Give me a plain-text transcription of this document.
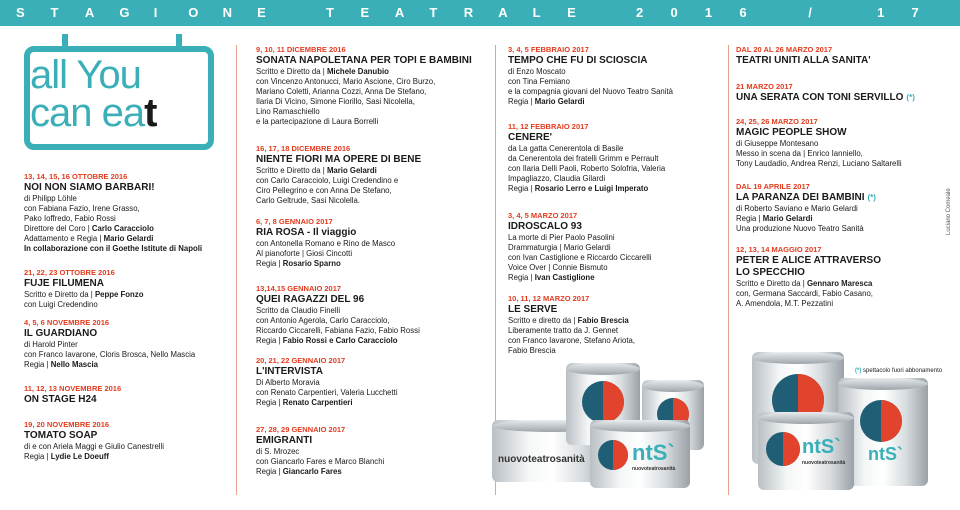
S	T	A	G	I	O	N	E	T	E	A	T	R	A	L	E	2	0	1	6	/	1	7
all You
can eat
13, 14, 15, 16 OTTOBRE 2016
NOI NON SIAMO BARBARI!
di Philipp Löhle
con Fabiana Fazio, Irene Grasso,
Pako Ioffredo, Fabio Rossi
Direttore del Coro | Carlo Caracciolo
Adattamento e Regia | Mario Gelardi
In collaborazione con il Goethe Istitute di Napoli
21, 22, 23 OTTOBRE 2016
FUJE FILUMENA
Scritto e Diretto da | Peppe Fonzo
con Luigi Credendino
4, 5, 6 NOVEMBRE 2016
IL GUARDIANO
di Harold Pinter
con Franco Iavarone, Cloris Brosca, Nello Mascia
Regia | Nello Mascia
11, 12, 13 NOVEMBRE 2016
ON STAGE H24
19, 20 NOVEMBRE 2016
TOMATO SOAP
di e con Ariela Maggi e Giulio Canestrelli
Regia | Lydie Le Doeuff
9, 10, 11 DICEMBRE 2016
SONATA NAPOLETANA PER TOPI E BAMBINI
Scritto e Diretto da | Michele Danubio
con Vincenzo Antonucci, Mario Ascione, Ciro Burzo,
Mariano Coletti, Arianna Cozzi, Anna De Stefano,
Ilaria Di Vicino, Simone Fiorillo, Sasi Nicolella,
Lino Ramaschiello
e la partecipazione di Laura Borrelli
16, 17, 18 DICEMBRE 2016
NIENTE FIORI MA OPERE DI BENE
Scritto e Diretto da | Mario Gelardi
con Carlo Caracciolo, Luigi Credendino e
Ciro Pellegrino e con Anna De Stefano,
Carlo Geltrude, Sasi Nicolella.
6, 7, 8 GENNAIO 2017
RIA ROSA - Il viaggio
con Antonella Romano e Rino de Masco
Al pianoforte | Giosi Cincotti
Regia | Rosario Sparno
13,14,15 GENNAIO 2017
QUEI RAGAZZI DEL 96
Scritto da Claudio Finelli
con Antonio Agerola, Carlo Caracciolo,
Riccardo Ciccarelli, Fabiana Fazio, Fabio Rossi
Regia | Fabio Rossi e Carlo Caracciolo
20, 21, 22 GENNAIO 2017
L'INTERVISTA
Di Alberto Moravia
con Renato Carpentieri, Valeria Lucchetti
Regia | Renato Carpentieri
27, 28, 29 GENNAIO 2017
EMIGRANTI
di S. Mrozec
con Giancarlo Fares e Marco Blanchi
Regia | Giancarlo Fares
3, 4, 5 FEBBRAIO 2017
TEMPO CHE FU DI SCIOSCIA
di Enzo Moscato
con Tina Femiano
e la compagnia giovani del Nuovo Teatro Sanità
Regia | Mario Gelardi
11, 12 FEBBRAIO 2017
CENERE'
da La gatta Cenerentola di Basile
da Cenerentola dei fratelli Grimm e Perrault
con Ilaria Delli Paoli, Roberto Solofria, Valeria
Impagliazzo, Claudia Gilardi
Regia | Rosario Lerro e Luigi Imperato
3, 4, 5 MARZO 2017
IDROSCALO 93
La morte di Pier Paolo Pasolini
Drammaturgia | Mario Gelardi
con Ivan Castiglione e Riccardo Ciccarelli
Voice Over | Connie Bismuto
Regia | Ivan Castiglione
10, 11, 12 MARZO 2017
LE SERVE
Scritto e diretto da | Fabio Brescia
Liberamente tratto da J. Gennet
con Franco Iavarone, Stefano Ariota,
Fabio Brescia
DAL 20 AL 26 MARZO 2017
TEATRI UNITI ALLA SANITA'
21 MARZO 2017
UNA SERATA CON TONI SERVILLO (*)
24, 25, 26 MARZO 2017
MAGIC PEOPLE SHOW
di Giuseppe Montesano
Messo in scena da | Enrico Ianniello,
Tony Laudadio, Andrea Renzi, Luciano Saltarelli
DAL 19 APRILE 2017
LA PARANZA DEI BAMBINI (*)
di Roberto Saviano e Mario Gelardi
Regia | Mario Gelardi
Una produzione Nuovo Teatro Sanità
12, 13, 14 MAGGIO 2017
PETER E ALICE ATTRAVERSO
LO SPECCHIO
Scritto e Diretto da | Gennaro Maresca
con, Germana Saccardi, Fabio Casano,
A. Amendola, M.T. Pezzatini
Luciano Comeale
(*) spettacolo fuori abbonamento
nuovoteatrosanità ntS`
nuovoteatrosanità
ntS`
ntS`
nuovoteatrosanità
